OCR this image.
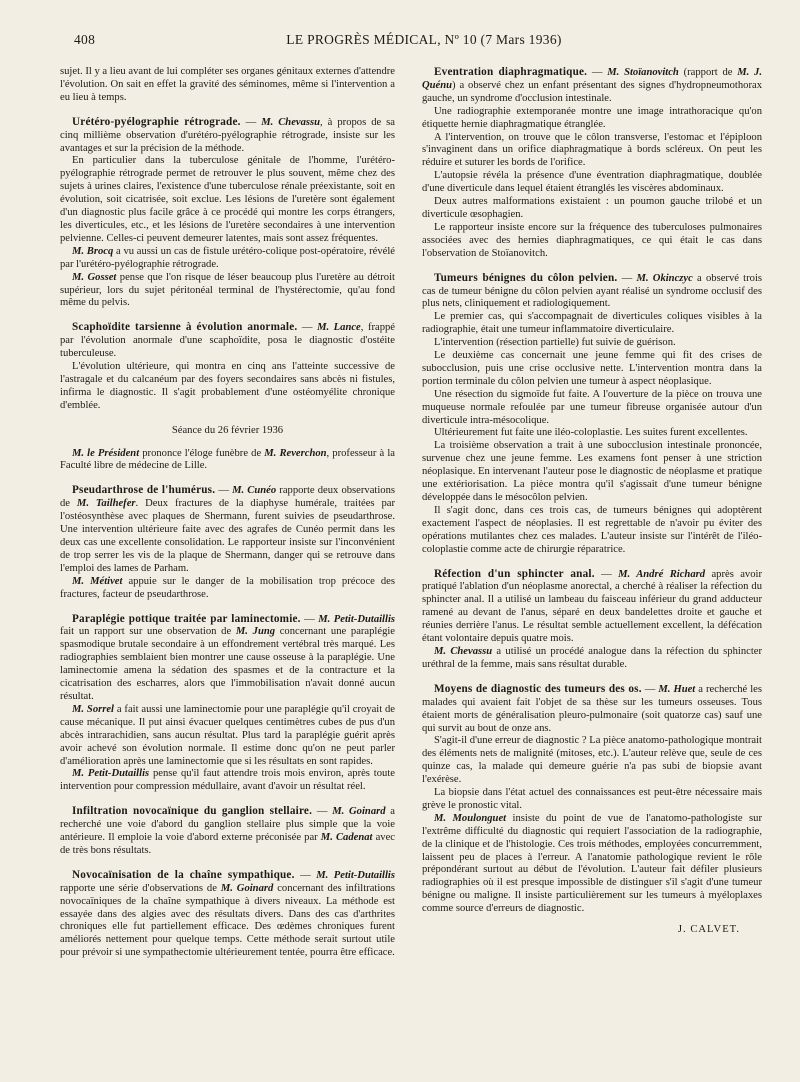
408	LE PROGRÈS MÉDICAL, Nº 10 (7 Mars 1936)

sujet. Il y a lieu avant de lui compléter ses organes génitaux externes d'attendre l'évolution. On sait en effet la gravité des séminomes, même si l'intervention a eu lieu à temps.

Urétéro-pyélographie rétrograde. — M. Chevassu, à propos de sa cinq millième observation d'urétéro-pyélographie rétrograde, insiste sur les avantages et sur la précision de la méthode.

En particulier dans la tuberculose génitale de l'homme, l'urétéro-pyélographie rétrograde permet de retrouver le plus souvent, même chez des sujets à urines claires, l'existence d'une tuberculose rénale préexistante, soit en évolution, soit cicatrisée, soit exclue. Les lésions de l'uretère sont également d'un diagnostic plus facile grâce à ce procédé qui montre les corps étrangers, les diverticules, etc., et les lésions de l'uretère secondaires à une intervention pelvienne. Celles-ci peuvent demeurer latentes, mais sont assez fréquentes.

M. Brocq a vu aussi un cas de fistule urétéro-colique post-opératoire, révélé par l'urétéro-pyélographie rétrograde.

M. Gosset pense que l'on risque de léser beaucoup plus l'uretère au détroit supérieur, lors du sujet péritonéal terminal de l'hystérectomie, qu'au fond même du pelvis.

Scaphoïdite tarsienne à évolution anormale. — M. Lance, frappé par l'évolution anormale d'une scaphoïdite, posa le diagnostic d'ostéite tuberculeuse.

L'évolution ultérieure, qui montra en cinq ans l'atteinte successive de l'astragale et du calcanéum par des foyers secondaires sans abcès ni fistules, infirma le diagnostic. Il s'agit probablement d'une ostéomyélite chronique d'emblée.

Séance du 26 février 1936

M. le Président prononce l'éloge funèbre de M. Reverchon, professeur à la Faculté libre de médecine de Lille.

Pseudarthrose de l'humérus. — M. Cunéo rapporte deux observations de M. Tailhefer. Deux fractures de la diaphyse humérale, traitées par l'ostéosynthèse avec plaques de Shermann, furent suivies de pseudarthrose. Une intervention ultérieure faite avec des agrafes de Cunéo permit dans les deux cas une excellente consolidation. Le rapporteur insiste sur l'inconvénient de trop serrer les vis de la plaque de Shermann, danger qui se retrouve dans l'emploi des lames de Parham.

M. Métivet appuie sur le danger de la mobilisation trop précoce des fractures, facteur de pseudarthrose.

Paraplégie pottique traitée par laminectomie. — M. Petit-Dutaillis fait un rapport sur une observation de M. Jung concernant une paraplégie spasmodique brutale secondaire à un effondrement vertébral très marqué. Les radiographies semblaient bien montrer une cause osseuse à la paraplégie. Une laminectomie amena la sédation des spasmes et de la contracture et la cicatrisation des escharres, alors que l'immobilisation n'avait donné aucun résultat.

M. Sorrel a fait aussi une laminectomie pour une paraplégie qu'il croyait de cause mécanique. Il put ainsi évacuer quelques centimètres cubes de pus d'un abcès intrarachidien, sans aucun résultat. Plus tard la paraplégie guérit après avoir achevé son évolution normale. Il estime donc qu'on ne peut parler d'amélioration après une laminectomie que si les résultats en sont rapides.

M. Petit-Dutaillis pense qu'il faut attendre trois mois environ, après toute intervention pour compression médullaire, avant d'avoir un résultat réel.

Infiltration novocaïnique du ganglion stellaire. — M. Goinard a recherché une voie d'abord du ganglion stellaire plus simple que la voie antérieure. Il emploie la voie d'abord externe préconisée par M. Cadenat avec de très bons résultats.

Novocaïnisation de la chaîne sympathique. — M. Petit-Dutaillis rapporte une série d'observations de M. Goinard concernant des infiltrations novocaïniques de la chaîne sympathique à divers niveaux. La méthode est essayée dans des algies avec des résultats divers. Dans des cas d'arthrites chroniques elle fut partiellement efficace. Des œdèmes chroniques furent améliorés nettement pour quelque temps. Cette méthode serait surtout utile pour prévoir si une sympathectomie ultérieurement tentée, pourra être efficace.

Eventration diaphragmatique. — M. Stoïanovitch (rapport de M. J. Quénu) a observé chez un enfant présentant des signes d'hydropneumothorax gauche, un syndrome d'occlusion intestinale.

Une radiographie extemporanée montre une image intrathoracique qu'on étiquette hernie diaphragmatique étranglée.

A l'intervention, on trouve que le côlon transverse, l'estomac et l'épiploon s'invaginent dans un orifice diaphragmatique à bords scléreux. On peut les réduire et suturer les bords de l'orifice.

L'autopsie révéla la présence d'une éventration diaphragmatique, doublée d'une diverticule dans lequel étaient étranglés les viscères abdominaux.

Deux autres malformations existaient : un poumon gauche trilobé et un diverticule œsophagien.

Le rapporteur insiste encore sur la fréquence des tuberculoses pulmonaires associées avec des hernies diaphragmatiques, ce qui était le cas dans l'observation de Stoïanovitch.

Tumeurs bénignes du côlon pelvien. — M. Okinczyc a observé trois cas de tumeur bénigne du côlon pelvien ayant réalisé un syndrome occlusif des plus nets, cliniquement et radiologiquement.

Le premier cas, qui s'accompagnait de diverticules coliques visibles à la radiographie, était une tumeur inflammatoire diverticulaire.

L'intervention (résection partielle) fut suivie de guérison.

Le deuxième cas concernait une jeune femme qui fit des crises de subocclusion, puis une crise occlusive nette. L'intervention montra dans la portion terminale du côlon pelvien une tumeur à aspect néoplasique.

Une résection du sigmoïde fut faite. A l'ouverture de la pièce on trouva une muqueuse normale refoulée par une tumeur fibreuse organisée autour d'un diverticule intra-mésocolique.

Ultérieurement fut faite une iléo-coloplastie. Les suites furent excellentes.

La troisième observation a trait à une subocclusion intestinale prononcée, survenue chez une jeune femme. Les examens font penser à une striction néoplasique. En intervenant l'auteur pose le diagnostic de néoplasme et pratique une extériorisation. La pièce montra qu'il s'agissait d'une tumeur bénigne développée dans le mésocôlon pelvien.

Il s'agit donc, dans ces trois cas, de tumeurs bénignes qui adoptèrent exactement l'aspect de néoplasies. Il est regrettable de n'avoir pu éviter des opérations mutilantes chez ces malades. L'auteur insiste sur l'intérêt de l'iléo-coloplastie comme acte de chirurgie réparatrice.

Réfection d'un sphincter anal. — M. André Richard après avoir pratiqué l'ablation d'un néoplasme anorectal, a cherché à réaliser la réfection du sphincter anal. Il a utilisé un lambeau du faisceau inférieur du grand adducteur ramené au devant de l'anus, séparé en deux bandelettes droite et gauche et réunies derrière l'anus. Le résultat semble actuellement excellent, la défécation étant volontaire depuis quatre mois.

M. Chevassu a utilisé un procédé analogue dans la réfection du sphincter uréthral de la femme, mais sans résultat durable.

Moyens de diagnostic des tumeurs des os. — M. Huet a recherché les malades qui avaient fait l'objet de sa thèse sur les tumeurs osseuses. Tous étaient morts de généralisation pleuro-pulmonaire (soit quatorze cas) sauf une qui survit au bout de onze ans.

S'agit-il d'une erreur de diagnostic ? La pièce anatomo-pathologique montrait des éléments nets de malignité (mitoses, etc.). L'auteur relève que, seule de ces quinze cas, la malade qui demeure guérie n'a pas subi de biopsie avant l'exérèse.

La biopsie dans l'état actuel des connaissances est peut-être nécessaire mais grève le pronostic vital.

M. Moulonguet insiste du point de vue de l'anatomo-pathologiste sur l'extrême difficulté du diagnostic qui requiert l'association de la radiographie, de la clinique et de l'histologie. Ces trois méthodes, employées concurremment, laissent peu de places à l'erreur. A l'anatomie pathologique revient le rôle prépondérant surtout au début de l'évolution. L'auteur fait défiler plusieurs radiographies où il est presque impossible de distinguer s'il s'agit d'une tumeur bénigne ou maligne. Il insiste particulièrement sur les tumeurs à myéloplaxes comme source d'erreurs de diagnostic.

J. CALVET.
